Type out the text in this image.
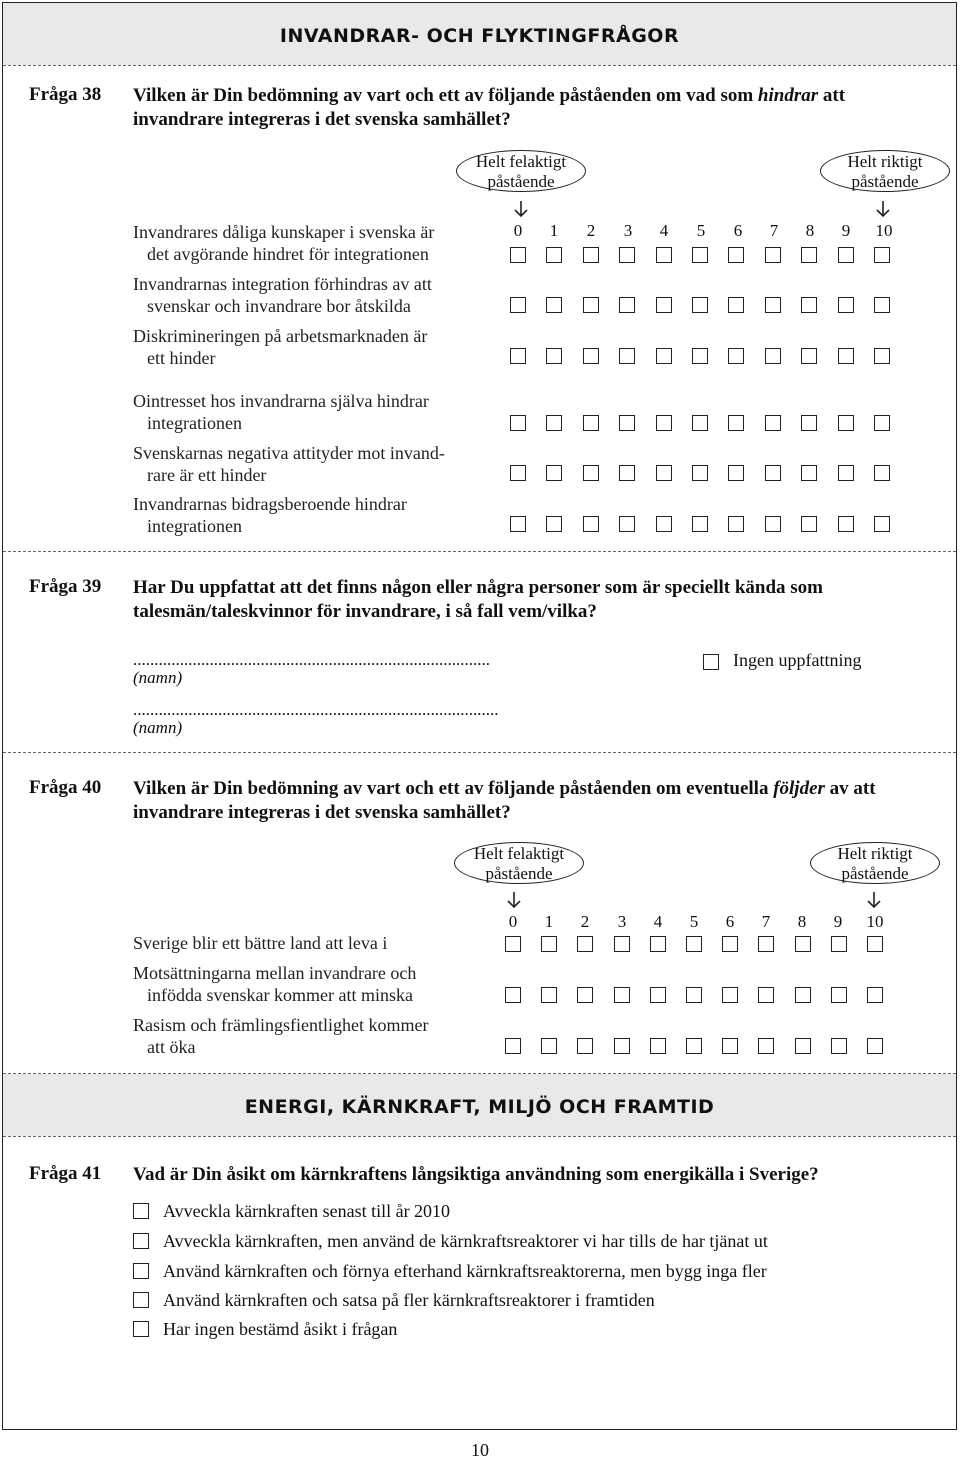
INVANDRAR- OCH FLYKTINGFRÅGOR
Fråga 38 Vilken är Din bedömning av vart och ett av följande påståenden om vad som hindrar att invandrare integreras i det svenska samhället?
Helt felaktigt
påstående
Helt riktigt
påstående
0	1	2	3	4	5	6	7	8	9	10
Invandrares dåliga kunskaper i svenska är
det avgörande hindret för integrationen
Invandrarnas integration förhindras av att
svenskar och invandrare bor åtskilda
Diskrimineringen på arbetsmarknaden är
ett hinder
Ointresset hos invandrarna själva hindrar
integrationen
Svenskarnas negativa attityder mot invand-
rare är ett hinder
Invandrarnas bidragsberoende hindrar
integrationen
Fråga 39 Har Du uppfattat att det finns någon eller några personer som är speciellt kända som talesmän/taleskvinnor för invandrare, i så fall vem/vilka?
....................................................................................
(namn)
......................................................................................
(namn)
Ingen uppfattning
Fråga 40 Vilken är Din bedömning av vart och ett av följande påståenden om eventuella följder av att invandrare integreras i det svenska samhället?
Helt felaktigt
påstående
Helt riktigt
påstående
0	1	2	3	4	5	6	7	8	9	10
Sverige blir ett bättre land att leva i
Motsättningarna mellan invandrare och
infödda svenskar kommer att minska
Rasism och främlingsfientlighet kommer
att öka
ENERGI, KÄRNKRAFT, MILJÖ OCH FRAMTID
Fråga 41 Vad är Din åsikt om kärnkraftens långsiktiga användning som energikälla i Sverige?
Avveckla kärnkraften senast till år 2010
Avveckla kärnkraften, men använd de kärnkraftsreaktorer vi har tills de har tjänat ut
Använd kärnkraften och förnya efterhand kärnkraftsreaktorerna, men bygg inga fler
Använd kärnkraften och satsa på fler kärnkraftsreaktorer i framtiden
Har ingen bestämd åsikt i frågan
10
